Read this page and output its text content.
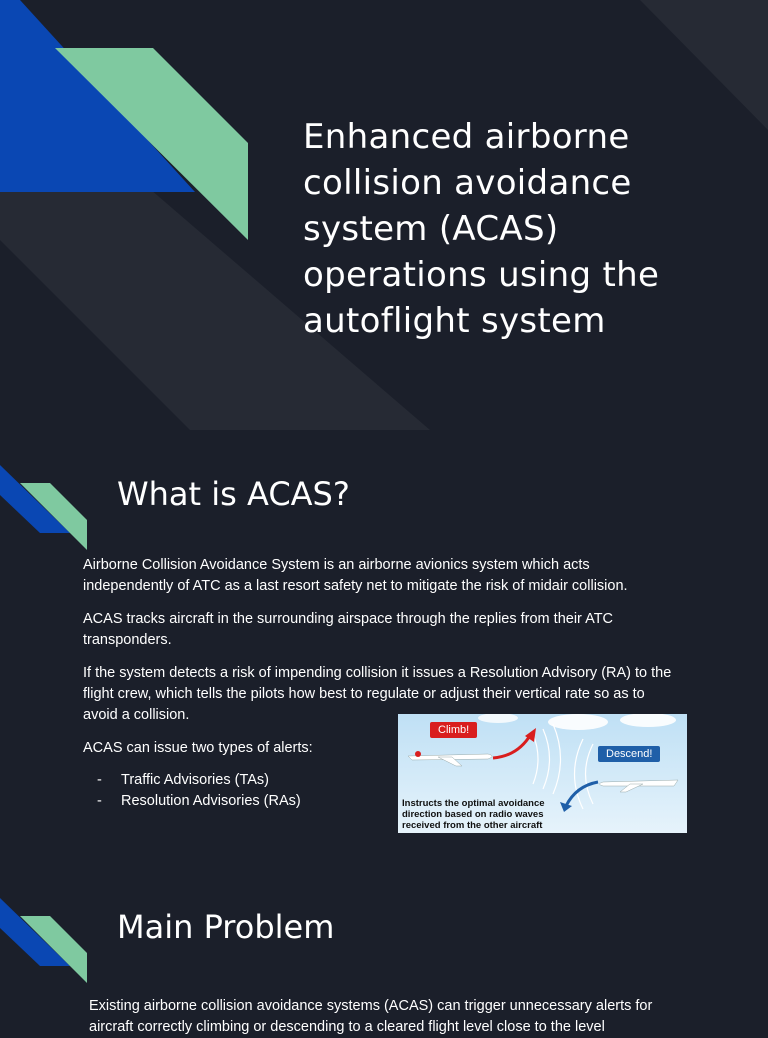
Enhanced airborne collision avoidance system (ACAS) operations using the autoflight system
What is ACAS?

Airborne Collision Avoidance System is an airborne avionics system which acts independently of ATC as a last resort safety net to mitigate the risk of midair collision.

ACAS tracks aircraft in the surrounding airspace through the replies from their ATC transponders.

If the system detects a risk of impending collision it issues a Resolution Advisory (RA) to the flight crew, which tells the pilots how best to regulate or adjust their vertical rate so as to avoid a collision.

ACAS can issue two types of alerts:

-	Traffic Advisories (TAs)
-	Resolution Advisories (RAs)
Climb!
Descend!
Instructs the optimal avoidance direction based on radio waves received from the other aircraft
Main Problem

Existing airborne collision avoidance systems (ACAS) can trigger unnecessary alerts for aircraft correctly climbing or descending to a cleared flight level close to the level
